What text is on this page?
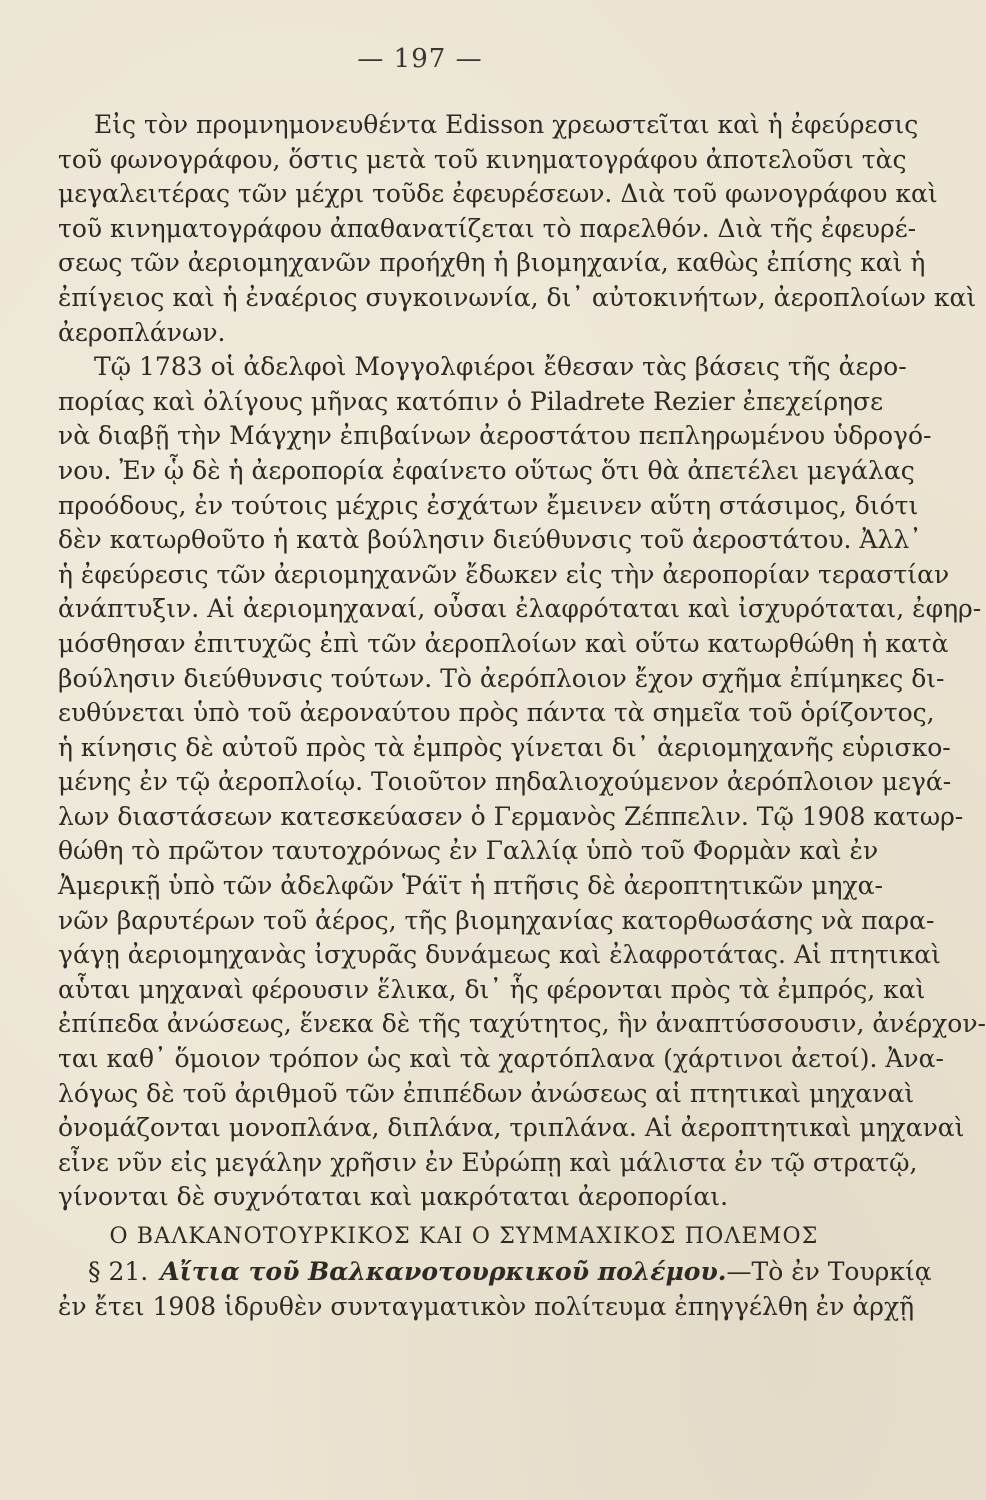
— 197 —
Εἰς τὸν προμνημονευθέντα Edisson χρεωστεῖται καὶ ἡ ἐφεύρεσις
τοῦ φωνογράφου, ὅστις μετὰ τοῦ κινηματογράφου ἀποτελοῦσι τὰς
μεγαλειτέρας τῶν μέχρι τοῦδε ἐφευρέσεων. Διὰ τοῦ φωνογράφου καὶ
τοῦ κινηματογράφου ἀπαθανατίζεται τὸ παρελθόν. Διὰ τῆς ἐφευρέ-
σεως τῶν ἀεριομηχανῶν προήχθη ἡ βιομηχανία, καθὼς ἐπίσης καὶ ἡ
ἐπίγειος καὶ ἡ ἐναέριος συγκοινωνία, δι᾽ αὐτοκινήτων, ἀεροπλοίων καὶ
ἀεροπλάνων.
Τῷ 1783 οἱ ἀδελφοὶ Μογγολφιέροι ἔθεσαν τὰς βάσεις τῆς ἀερο-
πορίας καὶ ὀλίγους μῆνας κατόπιν ὁ Piladrete Rezier ἐπεχείρησε
νὰ διαβῇ τὴν Μάγχην ἐπιβαίνων ἀεροστάτου πεπληρωμένου ὑδρογό-
νου. Ἐν ᾧ δὲ ἡ ἀεροπορία ἐφαίνετο οὕτως ὅτι θὰ ἀπετέλει μεγάλας
προόδους, ἐν τούτοις μέχρις ἐσχάτων ἔμεινεν αὕτη στάσιμος, διότι
δὲν κατωρθοῦτο ἡ κατὰ βούλησιν διεύθυνσις τοῦ ἀεροστάτου. Ἀλλ᾽
ἡ ἐφεύρεσις τῶν ἀεριομηχανῶν ἔδωκεν εἰς τὴν ἀεροπορίαν τεραστίαν
ἀνάπτυξιν. Αἱ ἀεριομηχαναί, οὖσαι ἐλαφρόταται καὶ ἰσχυρόταται, ἐφηρ-
μόσθησαν ἐπιτυχῶς ἐπὶ τῶν ἀεροπλοίων καὶ οὕτω κατωρθώθη ἡ κατὰ
βούλησιν διεύθυνσις τούτων. Τὸ ἀερόπλοιον ἔχον σχῆμα ἐπίμηκες δι-
ευθύνεται ὑπὸ τοῦ ἀεροναύτου πρὸς πάντα τὰ σημεῖα τοῦ ὁρίζοντος,
ἡ κίνησις δὲ αὐτοῦ πρὸς τὰ ἐμπρὸς γίνεται δι᾽ ἀεριομηχανῆς εὑρισκο-
μένης ἐν τῷ ἀεροπλοίῳ. Τοιοῦτον πηδαλιοχούμενον ἀερόπλοιον μεγά-
λων διαστάσεων κατεσκεύασεν ὁ Γερμανὸς Ζέππελιν. Τῷ 1908 κατωρ-
θώθη τὸ πρῶτον ταυτοχρόνως ἐν Γαλλίᾳ ὑπὸ τοῦ Φορμὰν καὶ ἐν
Ἀμερικῇ ὑπὸ τῶν ἀδελφῶν Ῥάϊτ ἡ πτῆσις δὲ ἀεροπτητικῶν μηχα-
νῶν βαρυτέρων τοῦ ἀέρος, τῆς βιομηχανίας κατορθωσάσης νὰ παρα-
γάγῃ ἀεριομηχανὰς ἰσχυρᾶς δυνάμεως καὶ ἐλαφροτάτας. Αἱ πτητικαὶ
αὗται μηχαναὶ φέρουσιν ἕλικα, δι᾽ ἧς φέρονται πρὸς τὰ ἐμπρός, καὶ
ἐπίπεδα ἀνώσεως, ἕνεκα δὲ τῆς ταχύτητος, ἣν ἀναπτύσσουσιν, ἀνέρχον-
ται καθ᾽ ὅμοιον τρόπον ὡς καὶ τὰ χαρτόπλανα (χάρτινοι ἀετοί). Ἀνα-
λόγως δὲ τοῦ ἀριθμοῦ τῶν ἐπιπέδων ἀνώσεως αἱ πτητικαὶ μηχαναὶ
ὀνομάζονται μονοπλάνα, διπλάνα, τριπλάνα. Αἱ ἀεροπτητικαὶ μηχαναὶ
εἶνε νῦν εἰς μεγάλην χρῆσιν ἐν Εὐρώπῃ καὶ μάλιστα ἐν τῷ στρατῷ,
γίνονται δὲ συχνόταται καὶ μακρόταται ἀεροπορίαι.
Ο ΒΑΛΚΑΝΟΤΟΥΡΚΙΚΟΣ ΚΑΙ Ο ΣΥΜΜΑΧΙΚΟΣ ΠΟΛΕΜΟΣ
§ 21. Αἴτια τοῦ Βαλκανοτουρκικοῦ πολέμου.—Τὸ ἐν Τουρκίᾳ
ἐν ἔτει 1908 ἱδρυθὲν συνταγματικὸν πολίτευμα ἐπηγγέλθη ἐν ἀρχῇ
